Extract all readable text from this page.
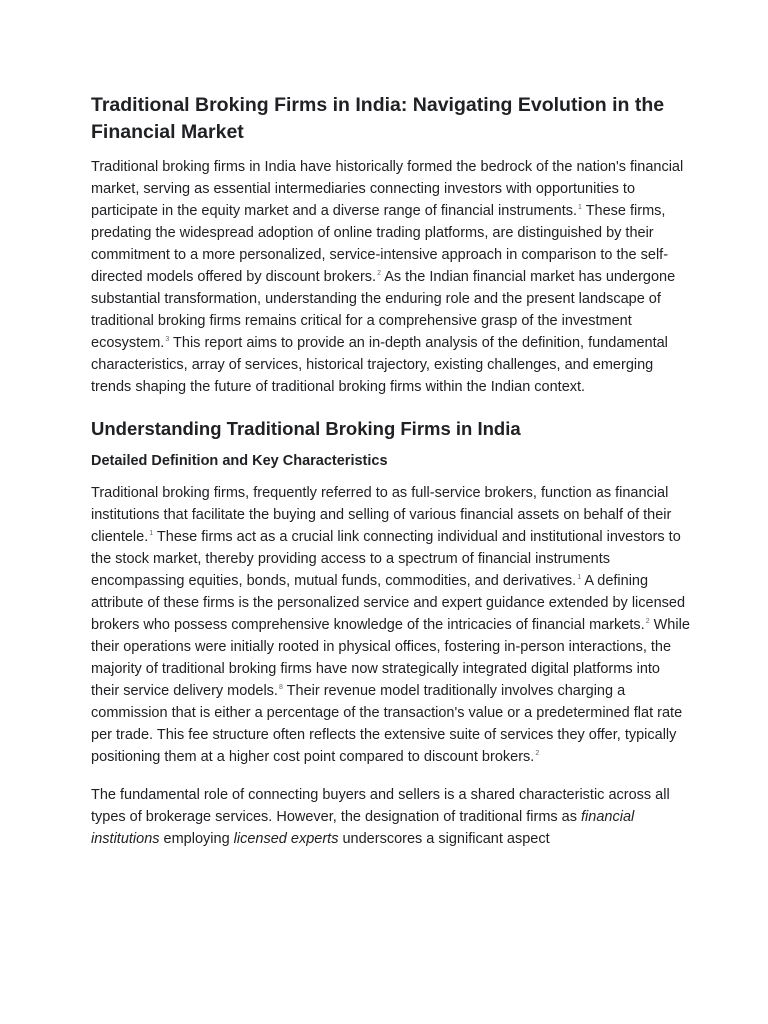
Traditional Broking Firms in India: Navigating Evolution in the Financial Market

Traditional broking firms in India have historically formed the bedrock of the nation's financial market, serving as essential intermediaries connecting investors with opportunities to participate in the equity market and a diverse range of financial instruments.$^1$ These firms, predating the widespread adoption of online trading platforms, are distinguished by their commitment to a more personalized, service-intensive approach in comparison to the self-directed models offered by discount brokers.$^2$ As the Indian financial market has undergone substantial transformation, understanding the enduring role and the present landscape of traditional broking firms remains critical for a comprehensive grasp of the investment ecosystem.$^3$ This report aims to provide an in-depth analysis of the definition, fundamental characteristics, array of services, historical trajectory, existing challenges, and emerging trends shaping the future of traditional broking firms within the Indian context.

Understanding Traditional Broking Firms in India
Detailed Definition and Key Characteristics

Traditional broking firms, frequently referred to as full-service brokers, function as financial institutions that facilitate the buying and selling of various financial assets on behalf of their clientele.$^1$ These firms act as a crucial link connecting individual and institutional investors to the stock market, thereby providing access to a spectrum of financial instruments encompassing equities, bonds, mutual funds, commodities, and derivatives.$^1$ A defining attribute of these firms is the personalized service and expert guidance extended by licensed brokers who possess comprehensive knowledge of the intricacies of financial markets.$^2$ While their operations were initially rooted in physical offices, fostering in-person interactions, the majority of traditional broking firms have now strategically integrated digital platforms into their service delivery models.$^8$ Their revenue model traditionally involves charging a commission that is either a percentage of the transaction's value or a predetermined flat rate per trade. This fee structure often reflects the extensive suite of services they offer, typically positioning them at a higher cost point compared to discount brokers.$^2$

The fundamental role of connecting buyers and sellers is a shared characteristic across all types of brokerage services. However, the designation of traditional firms as financial institutions employing licensed experts underscores a significant aspect
